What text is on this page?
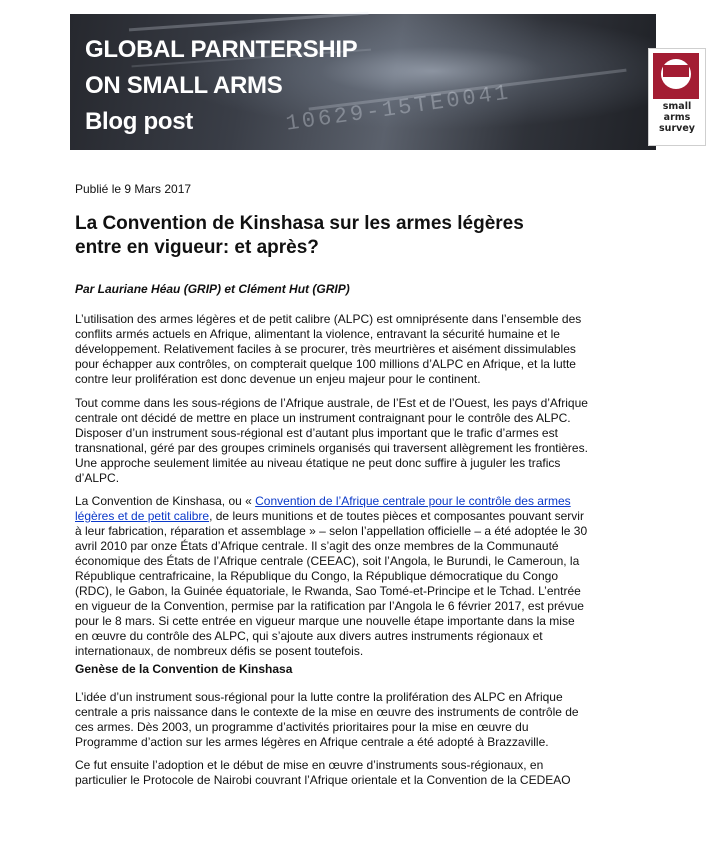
10629-15TE0041
GLOBAL PARNTERSHIP
ON SMALL ARMS
Blog post
small
arms
survey

Publié le 9 Mars 2017

La Convention de Kinshasa sur les armes légères entre en vigueur: et après?

Par Lauriane Héau (GRIP) et Clément Hut (GRIP)

L’utilisation des armes légères et de petit calibre (ALPC) est omniprésente dans l’ensemble des conflits armés actuels en Afrique, alimentant la violence, entravant la sécurité humaine et le développement. Relativement faciles à se procurer, très meurtrières et aisément dissimulables pour échapper aux contrôles, on compterait quelque 100 millions d’ALPC en Afrique, et la lutte contre leur prolifération est donc devenue un enjeu majeur pour le continent.

Tout comme dans les sous-régions de l’Afrique australe, de l’Est et de l’Ouest, les pays d’Afrique centrale ont décidé de mettre en place un instrument contraignant pour le contrôle des ALPC. Disposer d’un instrument sous-régional est d’autant plus important que le trafic d’armes est transnational, géré par des groupes criminels organisés qui traversent allègrement les frontières. Une approche seulement limitée au niveau étatique ne peut donc suffire à juguler les trafics d’ALPC.

La Convention de Kinshasa, ou « Convention de l’Afrique centrale pour le contrôle des armes légères et de petit calibre, de leurs munitions et de toutes pièces et composantes pouvant servir à leur fabrication, réparation et assemblage » – selon l’appellation officielle – a été adoptée le 30 avril 2010 par onze États d’Afrique centrale. Il s’agit des onze membres de la Communauté économique des États de l’Afrique centrale (CEEAC), soit l’Angola, le Burundi, le Cameroun, la République centrafricaine, la République du Congo, la République démocratique du Congo (RDC), le Gabon, la Guinée équatoriale, le Rwanda, Sao Tomé-et-Principe et le Tchad. L’entrée en vigueur de la Convention, permise par la ratification par l’Angola le 6 février 2017, est prévue pour le 8 mars. Si cette entrée en vigueur marque une nouvelle étape importante dans la mise en œuvre du contrôle des ALPC, qui s’ajoute aux divers autres instruments régionaux et internationaux, de nombreux défis se posent toutefois.

Genèse de la Convention de Kinshasa

L’idée d’un instrument sous-régional pour la lutte contre la prolifération des ALPC en Afrique centrale a pris naissance dans le contexte de la mise en œuvre des instruments de contrôle de ces armes. Dès 2003, un programme d’activités prioritaires pour la mise en œuvre du Programme d’action sur les armes légères en Afrique centrale a été adopté à Brazzaville.

Ce fut ensuite l’adoption et le début de mise en œuvre d’instruments sous-régionaux, en particulier le Protocole de Nairobi couvrant l’Afrique orientale et la Convention de la CEDEAO
